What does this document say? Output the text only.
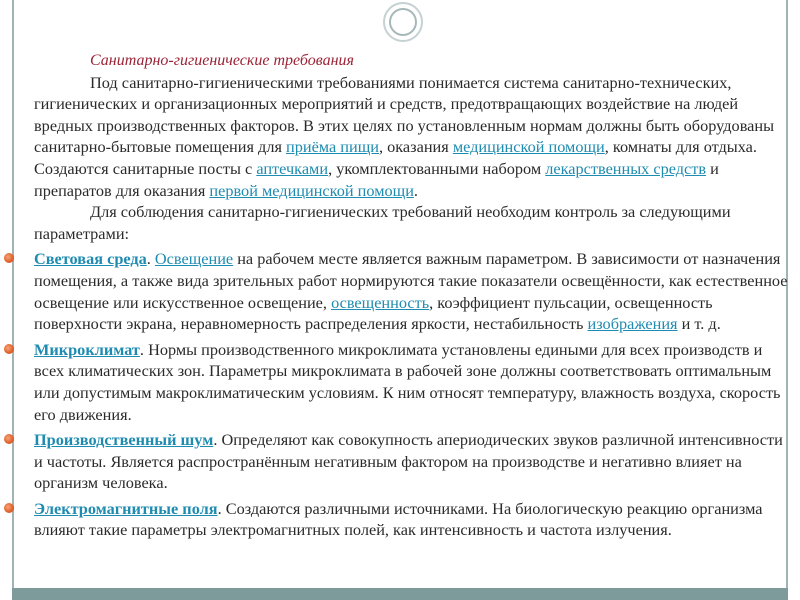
Санитарно-гигиенические требования

Под санитарно-гигиеническими требованиями понимается система санитарно-технических, гигиенических и организационных мероприятий и средств, предотвращающих воздействие на людей вредных производственных факторов. В этих целях по установленным нормам должны быть оборудованы санитарно-бытовые помещения для приёма пищи, оказания медицинской помощи, комнаты для отдыха. Создаются санитарные посты с аптечками, укомплектованными набором лекарственных средств и препаратов для оказания первой медицинской помощи.

Для соблюдения санитарно-гигиенических требований необходим контроль за следующими параметрами:

Световая среда. Освещение на рабочем месте является важным параметром. В зависимости от назначения помещения, а также вида зрительных работ нормируются такие показатели освещённости, как естественное освещение или искусственное освещение, освещенность, коэффициент пульсации, освещенность поверхности экрана, неравномерность распределения яркости, нестабильность изображения и т. д.

Микроклимат. Нормы производственного микроклимата установлены едиными для всех производств и всех климатических зон. Параметры микроклимата в рабочей зоне должны соответствовать оптимальным или допустимым макроклиматическим условиям. К ним относят температуру, влажность воздуха, скорость его движения.

Производственный шум. Определяют как совокупность апериодических звуков различной интенсивности и частоты. Является распространённым негативным фактором на производстве и негативно влияет на организм человека.

Электромагнитные поля. Создаются различными источниками. На биологическую реакцию организма влияют такие параметры электромагнитных полей, как интенсивность и частота излучения.
